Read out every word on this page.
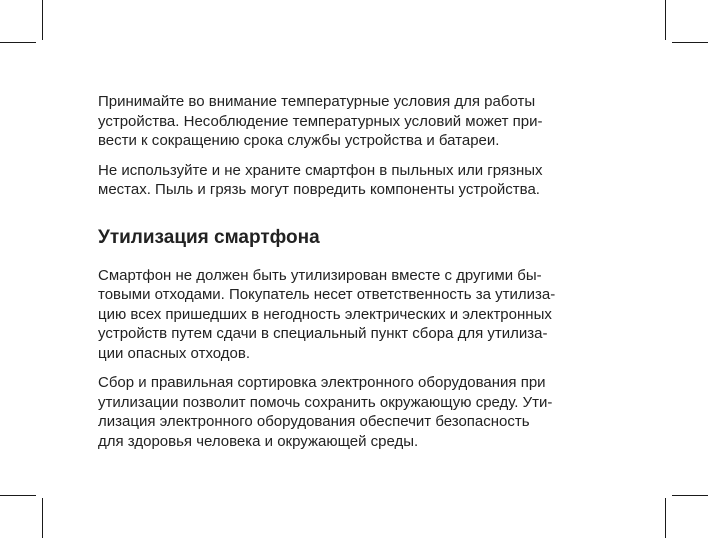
Принимайте во внимание температурные условия для работы
устройства. Несоблюдение температурных условий может при-
вести к сокращению срока службы устройства и батареи.

Не используйте и не храните смартфон в пыльных или грязных
местах. Пыль и грязь могут повредить компоненты устройства.

Утилизация смартфона

Смартфон не должен быть утилизирован вместе с другими бы-
товыми отходами. Покупатель несет ответственность за утилиза-
цию всех пришедших в негодность электрических и электронных
устройств путем сдачи в специальный пункт сбора для утилиза-
ции опасных отходов.

Сбор и правильная сортировка электронного оборудования при
утилизации позволит помочь сохранить окружающую среду. Ути-
лизация электронного оборудования обеспечит безопасность
для здоровья человека и окружающей среды.
